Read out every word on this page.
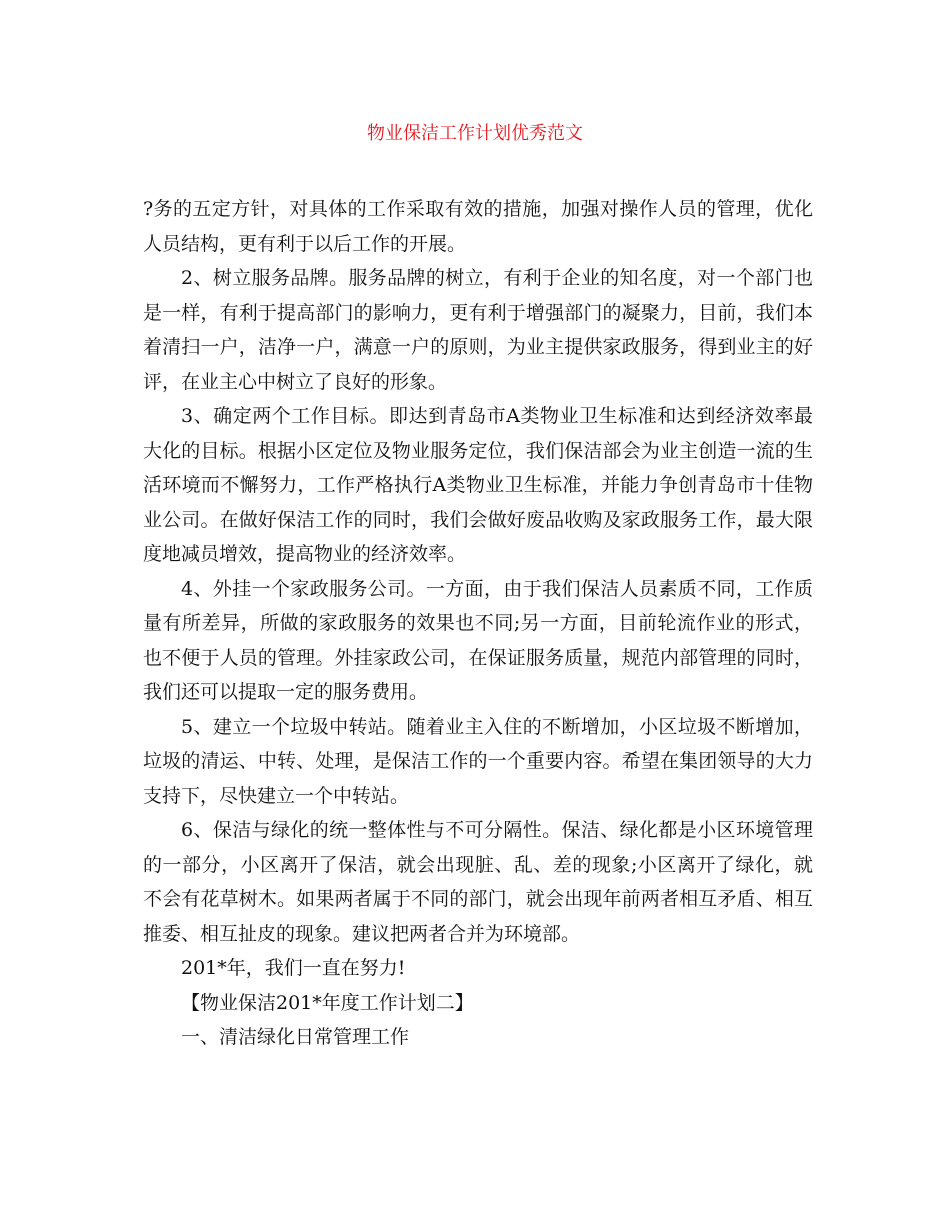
物业保洁工作计划优秀范文

?务的五定方针，对具体的工作采取有效的措施，加强对操作人员的管理，优化人员结构，更有利于以后工作的开展。

2、树立服务品牌。服务品牌的树立，有利于企业的知名度，对一个部门也是一样，有利于提高部门的影响力，更有利于增强部门的凝聚力，目前，我们本着清扫一户，洁净一户，满意一户的原则，为业主提供家政服务，得到业主的好评，在业主心中树立了良好的形象。

3、确定两个工作目标。即达到青岛市A类物业卫生标准和达到经济效率最大化的目标。根据小区定位及物业服务定位，我们保洁部会为业主创造一流的生活环境而不懈努力，工作严格执行A类物业卫生标准，并能力争创青岛市十佳物业公司。在做好保洁工作的同时，我们会做好废品收购及家政服务工作，最大限度地减员增效，提高物业的经济效率。

4、外挂一个家政服务公司。一方面，由于我们保洁人员素质不同，工作质量有所差异，所做的家政服务的效果也不同;另一方面，目前轮流作业的形式，也不便于人员的管理。外挂家政公司，在保证服务质量，规范内部管理的同时，我们还可以提取一定的服务费用。

5、建立一个垃圾中转站。随着业主入住的不断增加，小区垃圾不断增加，垃圾的清运、中转、处理，是保洁工作的一个重要内容。希望在集团领导的大力支持下，尽快建立一个中转站。

6、保洁与绿化的统一整体性与不可分隔性。保洁、绿化都是小区环境管理的一部分，小区离开了保洁，就会出现脏、乱、差的现象;小区离开了绿化，就不会有花草树木。如果两者属于不同的部门，就会出现年前两者相互矛盾、相互推委、相互扯皮的现象。建议把两者合并为环境部。

201*年，我们一直在努力!

【物业保洁201*年度工作计划二】

一、清洁绿化日常管理工作
